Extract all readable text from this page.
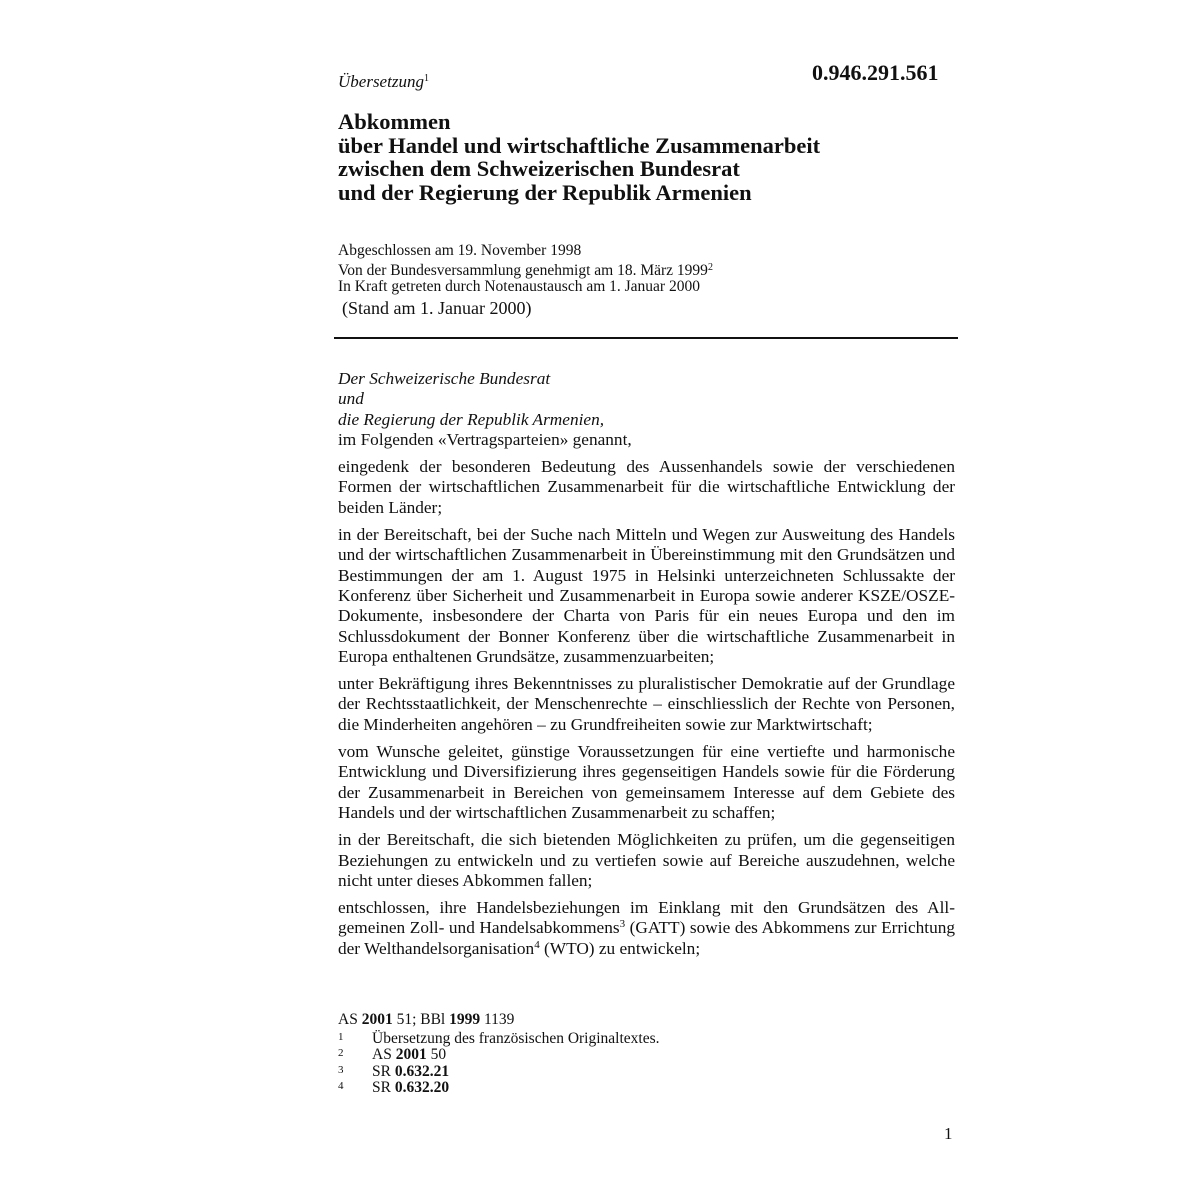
Übersetzung$^1$	0.946.291.561
Abkommen
über Handel und wirtschaftliche Zusammenarbeit
zwischen dem Schweizerischen Bundesrat
und der Regierung der Republik Armenien
Abgeschlossen am 19. November 1998
Von der Bundesversammlung genehmigt am 18. März 1999$^2$
In Kraft getreten durch Notenaustausch am 1. Januar 2000
(Stand am 1. Januar 2000)
Der Schweizerische Bundesrat
und
die Regierung der Republik Armenien,
im Folgenden «Vertragsparteien» genannt,

eingedenk der besonderen Bedeutung des Aussenhandels sowie der verschiedenen Formen der wirtschaftlichen Zusammenarbeit für die wirtschaftliche Entwicklung der beiden Länder;

in der Bereitschaft, bei der Suche nach Mitteln und Wegen zur Ausweitung des Handels und der wirtschaftlichen Zusammenarbeit in Übereinstimmung mit den Grundsätzen und Bestimmungen der am 1. August 1975 in Helsinki unterzeichneten Schlussakte der Konferenz über Sicherheit und Zusammenarbeit in Europa sowie anderer KSZE/OSZE-Dokumente, insbesondere der Charta von Paris für ein neues Europa und den im Schlussdokument der Bonner Konferenz über die wirtschaftliche Zusammenarbeit in Europa enthaltenen Grundsätze, zusammenzuarbeiten;

unter Bekräftigung ihres Bekenntnisses zu pluralistischer Demokratie auf der Grundlage der Rechtsstaatlichkeit, der Menschenrechte – einschliesslich der Rechte von Personen, die Minderheiten angehören – zu Grundfreiheiten sowie zur Marktwirtschaft;

vom Wunsche geleitet, günstige Voraussetzungen für eine vertiefte und harmonische Entwicklung und Diversifizierung ihres gegenseitigen Handels sowie für die Förderung der Zusammenarbeit in Bereichen von gemeinsamem Interesse auf dem Gebiete des Handels und der wirtschaftlichen Zusammenarbeit zu schaffen;

in der Bereitschaft, die sich bietenden Möglichkeiten zu prüfen, um die gegenseitigen Beziehungen zu entwickeln und zu vertiefen sowie auf Bereiche auszudehnen, welche nicht unter dieses Abkommen fallen;

entschlossen, ihre Handelsbeziehungen im Einklang mit den Grundsätzen des Allgemeinen Zoll- und Handelsabkommens$^3$ (GATT) sowie des Abkommens zur Errichtung der Welthandelsorganisation$^4$ (WTO) zu entwickeln;

AS 2001 51; BBl 1999 1139
1	Übersetzung des französischen Originaltextes.
2	AS 2001 50
3	SR 0.632.21
4	SR 0.632.20
1
